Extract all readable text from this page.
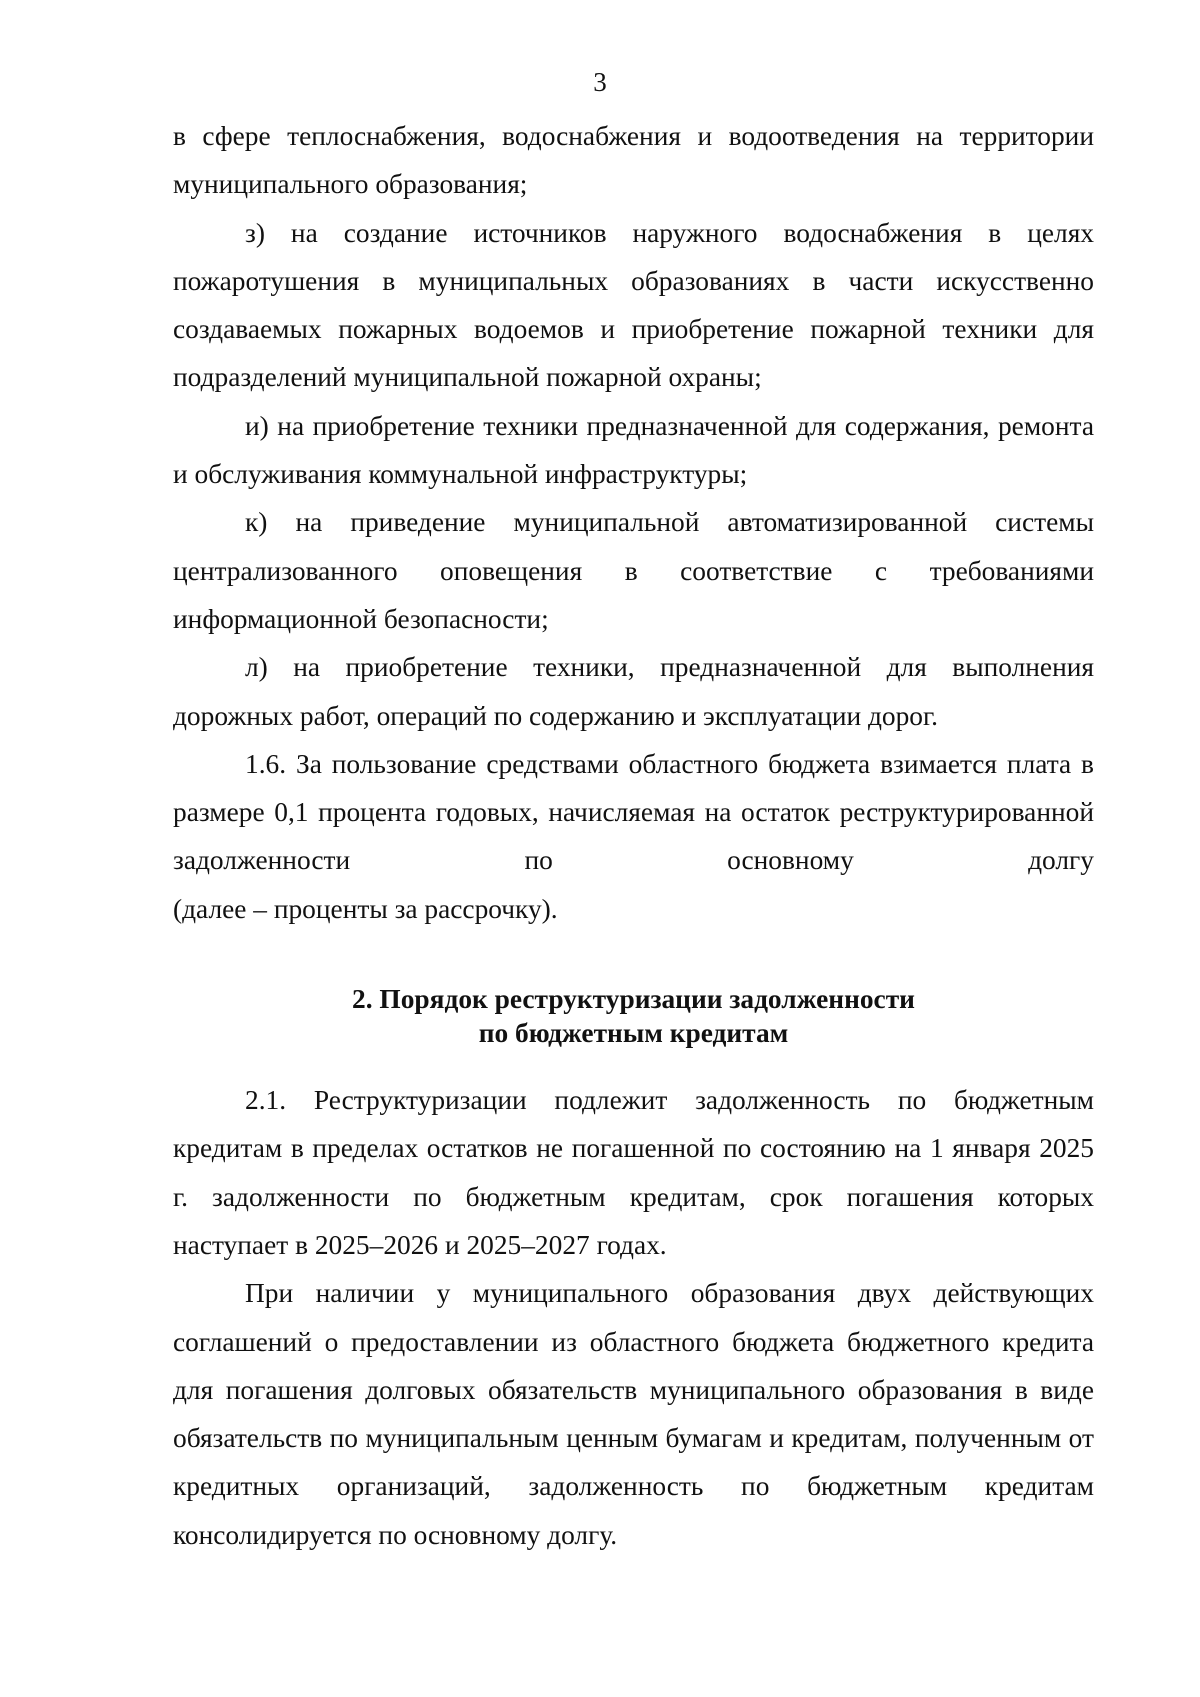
3

в сфере теплоснабжения, водоснабжения и водоотведения на территории муниципального образования;

з) на создание источников наружного водоснабжения в целях пожаротушения в муниципальных образованиях в части искусственно создаваемых пожарных водоемов и приобретение пожарной техники для подразделений муниципальной пожарной охраны;

и) на приобретение техники предназначенной для содержания, ремонта и обслуживания коммунальной инфраструктуры;

к) на приведение муниципальной автоматизированной системы централизованного оповещения в соответствие с требованиями информационной безопасности;

л) на приобретение техники, предназначенной для выполнения дорожных работ, операций по содержанию и эксплуатации дорог.

1.6. За пользование средствами областного бюджета взимается плата в размере 0,1 процента годовых, начисляемая на остаток реструктурированной задолженности по основному долгу

(далее – проценты за рассрочку).

2. Порядок реструктуризации задолженности
по бюджетным кредитам

2.1. Реструктуризации подлежит задолженность по бюджетным кредитам в пределах остатков не погашенной по состоянию на 1 января 2025 г. задолженности по бюджетным кредитам, срок погашения которых наступает в 2025–2026 и 2025–2027 годах.

При наличии у муниципального образования двух действующих соглашений о предоставлении из областного бюджета бюджетного кредита для погашения долговых обязательств муниципального образования в виде обязательств по муниципальным ценным бумагам и кредитам, полученным от кредитных организаций, задолженность по бюджетным кредитам консолидируется по основному долгу.
